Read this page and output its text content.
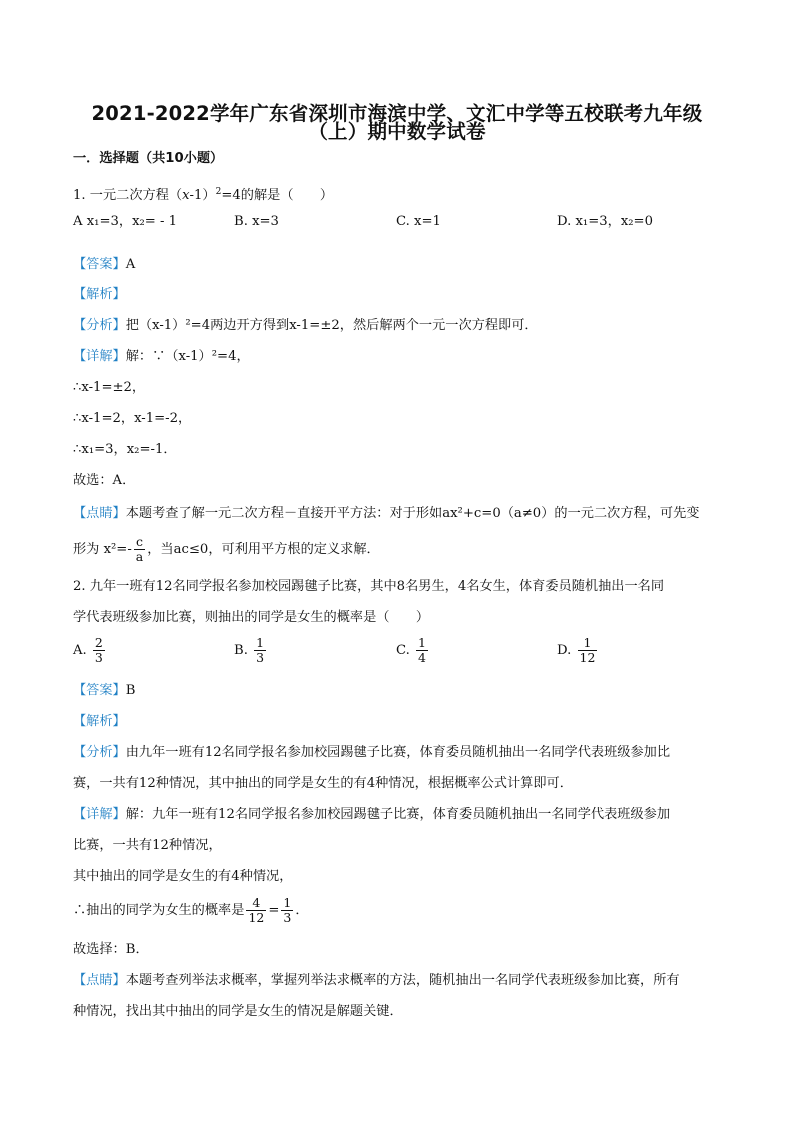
2021-2022学年广东省深圳市海滨中学、文汇中学等五校联考九年级
（上）期中数学试卷
一．选择题（共10小题）
1. 一元二次方程$(x-1)^2=4$的解是（　　）
A x₁=3，x₂= - 1	B. x=3	C. x=1	D. x₁=3，x₂=0
【答案】A
【解析】
【分析】把（x-1）²=4两边开方得到x-1=±2，然后解两个一元一次方程即可．
【详解】解：∵（x-1）²=4，
∴x-1=±2，
∴x-1=2，x-1=-2，
∴x₁=3，x₂=-1．
故选：A．
【点睛】本题考查了解一元二次方程－直接开平方法：对于形如ax²+c=0（a≠0）的一元二次方程，可先变
形为 $x^2=- \frac{c}{a}$ ，当ac≤0，可利用平方根的定义求解．
2. 九年一班有12名同学报名参加校园踢毽子比赛，其中8名男生，4名女生，体育委员随机抽出一名同
学代表班级参加比赛，则抽出的同学是女生的概率是（　　）
A. $\frac{2}{3}$	B. $\frac{1}{3}$	C. $\frac{1}{4}$	D. $\frac{1}{12}$
【答案】B
【解析】
【分析】由九年一班有12名同学报名参加校园踢毽子比赛，体育委员随机抽出一名同学代表班级参加比
赛，一共有12种情况，其中抽出的同学是女生的有4种情况，根据概率公式计算即可．
【详解】解：九年一班有12名同学报名参加校园踢毽子比赛，体育委员随机抽出一名同学代表班级参加
比赛，一共有12种情况，
其中抽出的同学是女生的有4种情况，
∴抽出的同学为女生的概率是 $\frac{4}{12} = \frac{1}{3}$ ．
故选择：B．
【点睛】本题考查列举法求概率，掌握列举法求概率的方法，随机抽出一名同学代表班级参加比赛，所有
种情况，找出其中抽出的同学是女生的情况是解题关键．
